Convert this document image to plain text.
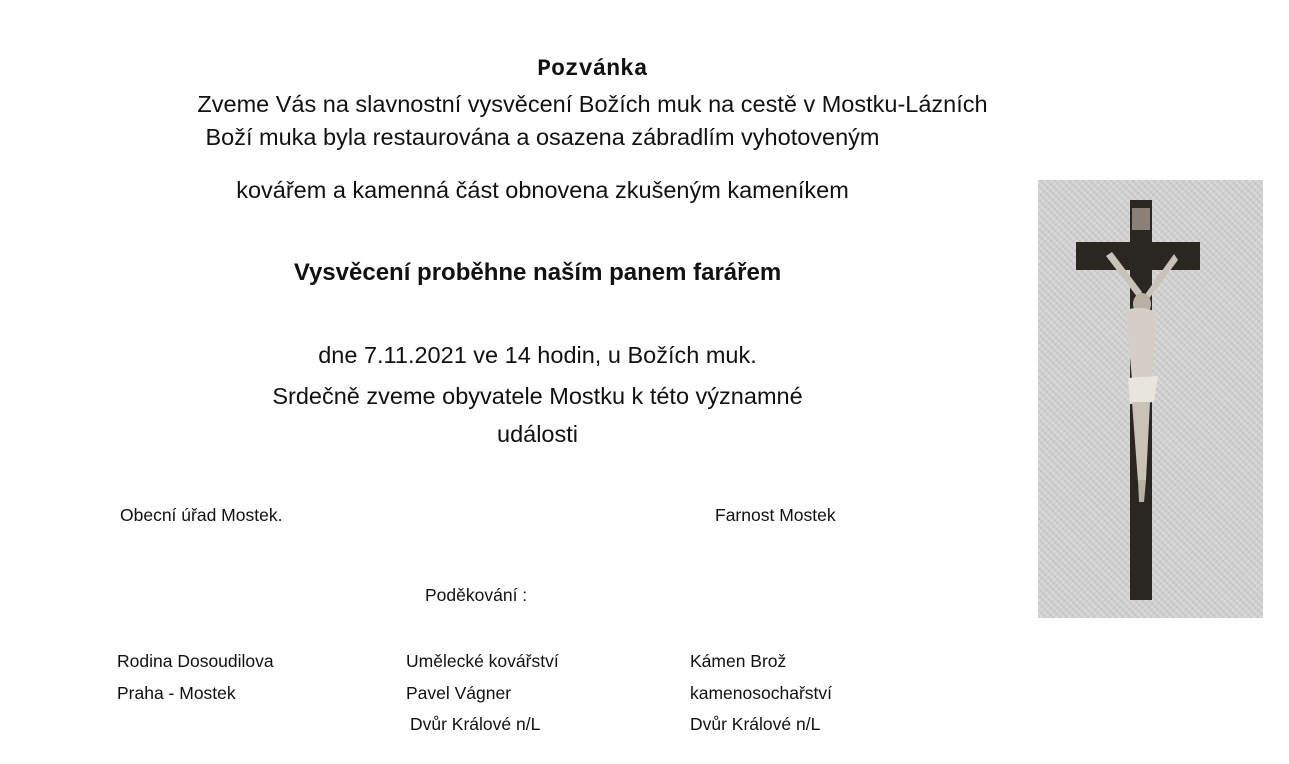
Pozvánka
Zveme Vás na slavnostní vysvěcení Božích muk na cestě v Mostku-Lázních
Boží muka byla restaurována a osazena zábradlím vyhotoveným
kovářem a kamenná část obnovena zkušeným kameníkem
Vysvěcení proběhne naším panem farářem
dne 7.11.2021 ve 14 hodin, u Božích muk.
Srdečně zveme obyvatele Mostku k této významné
události
Obecní úřad Mostek.	Farnost Mostek
Poděkování :
Rodina Dosoudilova
Praha - Mostek
Umělecké kovářství
Pavel Vágner
Dvůr Králové n/L
Kámen Brož
kamenosochařství
Dvůr Králové n/L
